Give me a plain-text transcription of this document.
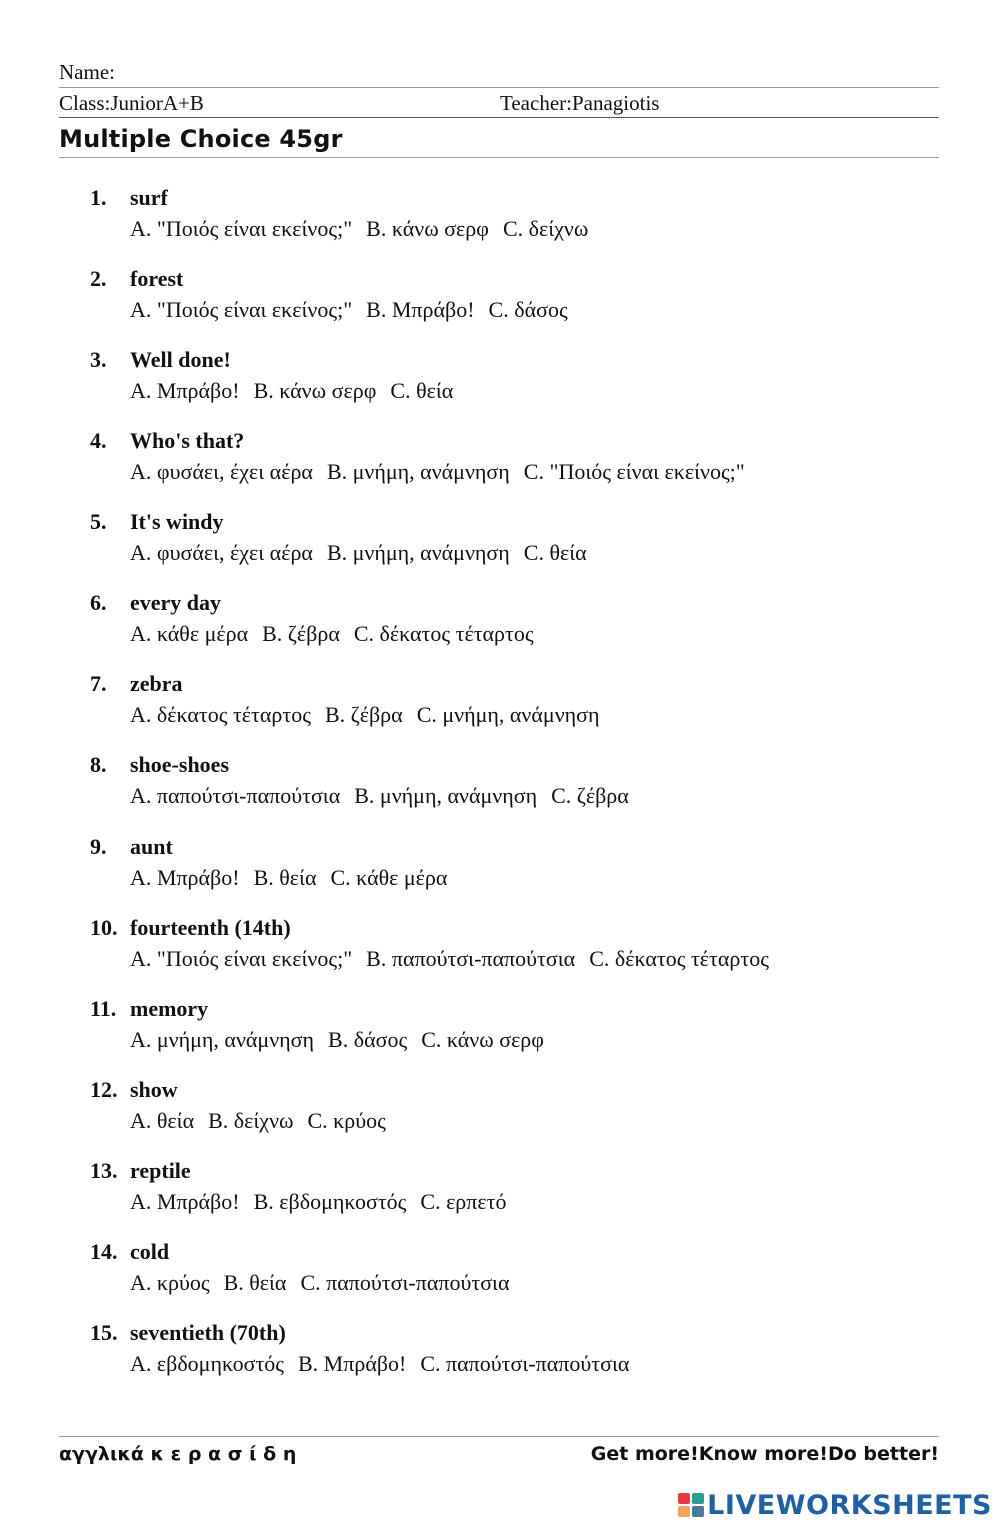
Name:
Class:JuniorA+B	Teacher:Panagiotis
Multiple Choice 45gr
1. surf
A. "Ποιός είναι εκείνος;" B. κάνω σερφ C. δείχνω
2. forest
A. "Ποιός είναι εκείνος;" B. Μπράβο! C. δάσος
3. Well done!
A. Μπράβο! B. κάνω σερφ C. θεία
4. Who's that?
A. φυσάει, έχει αέρα B. μνήμη, ανάμνηση C. "Ποιός είναι εκείνος;"
5. It's windy
A. φυσάει, έχει αέρα B. μνήμη, ανάμνηση C. θεία
6. every day
A. κάθε μέρα B. ζέβρα C. δέκατος τέταρτος
7. zebra
A. δέκατος τέταρτος B. ζέβρα C. μνήμη, ανάμνηση
8. shoe-shoes
A. παπούτσι-παπούτσια B. μνήμη, ανάμνηση C. ζέβρα
9. aunt
A. Μπράβο! B. θεία C. κάθε μέρα
10. fourteenth (14th)
A. "Ποιός είναι εκείνος;" B. παπούτσι-παπούτσια C. δέκατος τέταρτος
11. memory
A. μνήμη, ανάμνηση B. δάσος C. κάνω σερφ
12. show
A. θεία B. δείχνω C. κρύος
13. reptile
A. Μπράβο! B. εβδομηκοστός C. ερπετό
14. cold
A. κρύος B. θεία C. παπούτσι-παπούτσια
15. seventieth (70th)
A. εβδομηκοστός B. Μπράβο! C. παπούτσι-παπούτσια
αγγλικά κ ε ρ α σ ί δ η	Get more!Know more!Do better!
LIVEWORKSHEETS
